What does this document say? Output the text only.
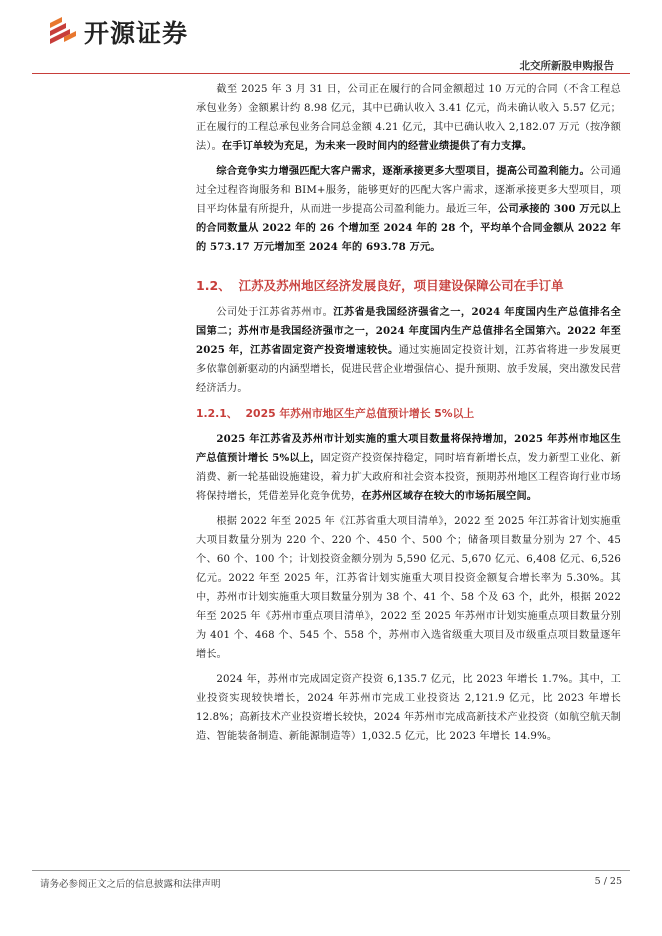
开源证券
北交所新股申购报告

截至 2025 年 3 月 31 日，公司正在履行的合同金额超过 10 万元的合同（不含工程总承包业务）金额累计约 8.98 亿元，其中已确认收入 3.41 亿元，尚未确认收入 5.57 亿元；正在履行的工程总承包业务合同总金额 4.21 亿元，其中已确认收入 2,182.07 万元（按净额法）。在手订单较为充足，为未来一段时间内的经营业绩提供了有力支撑。

综合竞争实力增强匹配大客户需求，逐渐承接更多大型项目，提高公司盈利能力。公司通过全过程咨询服务和 BIM+服务，能够更好的匹配大客户需求，逐渐承接更多大型项目，项目平均体量有所提升，从而进一步提高公司盈利能力。最近三年，公司承接的 300 万元以上的合同数量从 2022 年的 26 个增加至 2024 年的 28 个，平均单个合同金额从 2022 年的 573.17 万元增加至 2024 年的 693.78 万元。

1.2、 江苏及苏州地区经济发展良好，项目建设保障公司在手订单

公司处于江苏省苏州市。江苏省是我国经济强省之一，2024 年度国内生产总值排名全国第二；苏州市是我国经济强市之一，2024 年度国内生产总值排名全国第六。2022 年至 2025 年，江苏省固定资产投资增速较快。通过实施固定投资计划，江苏省将进一步发展更多依靠创新驱动的内涵型增长，促进民营企业增强信心、提升预期、放手发展，突出激发民营经济活力。

1.2.1、 2025 年苏州市地区生产总值预计增长 5%以上

2025 年江苏省及苏州市计划实施的重大项目数量将保持增加，2025 年苏州市地区生产总值预计增长 5%以上，固定资产投资保持稳定，同时培育新增长点，发力新型工业化、新消费、新一轮基础设施建设，着力扩大政府和社会资本投资，预期苏州地区工程咨询行业市场将保持增长，凭借差异化竞争优势，在苏州区域存在较大的市场拓展空间。

根据 2022 年至 2025 年《江苏省重大项目清单》，2022 至 2025 年江苏省计划实施重大项目数量分别为 220 个、220 个、450 个、500 个；储备项目数量分别为 27 个、45 个、60 个、100 个；计划投资金额分别为 5,590 亿元、5,670 亿元、6,408 亿元、6,526 亿元。2022 年至 2025 年，江苏省计划实施重大项目投资金额复合增长率为 5.30%。其中，苏州市计划实施重大项目数量分别为 38 个、41 个、58 个及 63 个，此外，根据 2022 年至 2025 年《苏州市重点项目清单》，2022 至 2025 年苏州市计划实施重点项目数量分别为 401 个、468 个、545 个、558 个，苏州市入选省级重大项目及市级重点项目数量逐年增长。

2024 年，苏州市完成固定资产投资 6,135.7 亿元，比 2023 年增长 1.7%。其中，工业投资实现较快增长，2024 年苏州市完成工业投资达 2,121.9 亿元，比 2023 年增长 12.8%；高新技术产业投资增长较快，2024 年苏州市完成高新技术产业投资（如航空航天制造、智能装备制造、新能源制造等）1,032.5 亿元，比 2023 年增长 14.9%。

请务必参阅正文之后的信息披露和法律声明	5 / 25
